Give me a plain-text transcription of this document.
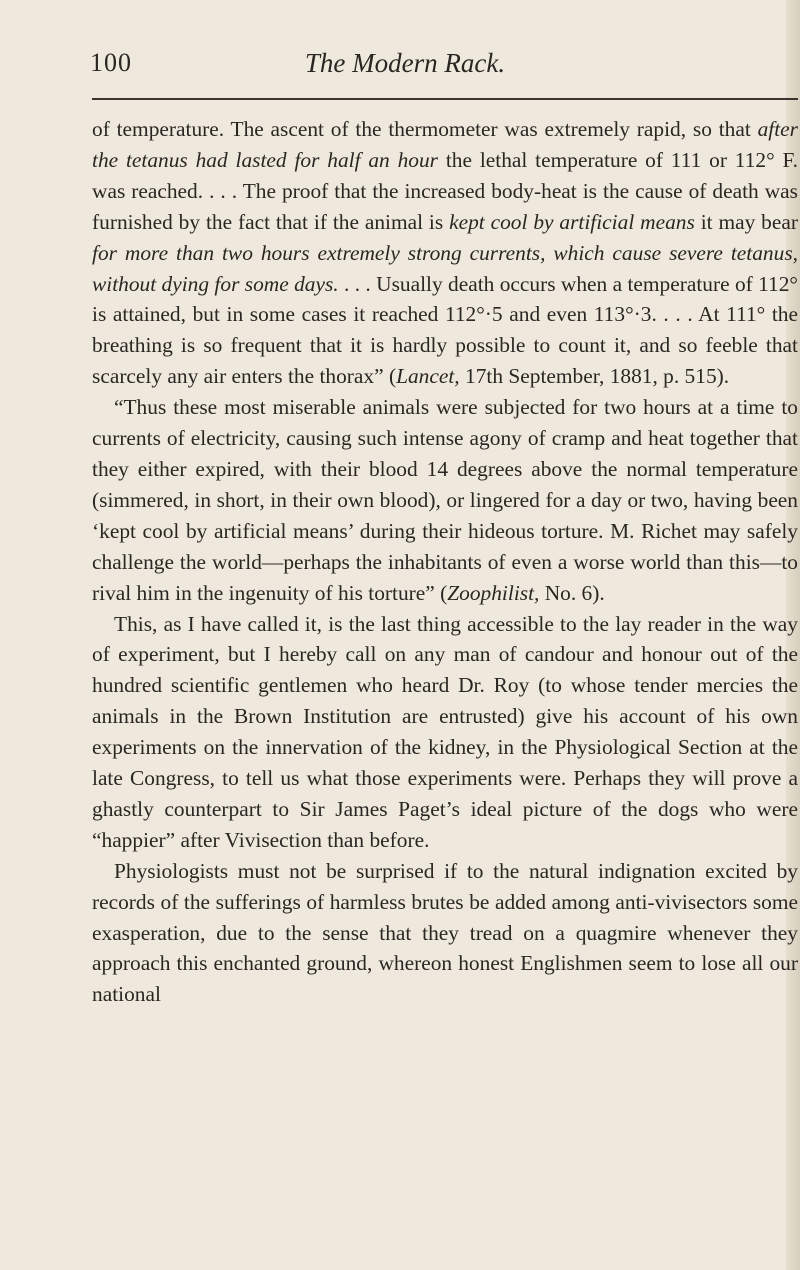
100	The Modern Rack.

of temperature. The ascent of the thermometer was extremely rapid, so that after the tetanus had lasted for half an hour the lethal temperature of 111 or 112° F. was reached. . . . The proof that the increased body-heat is the cause of death was furnished by the fact that if the animal is kept cool by artificial means it may bear for more than two hours extremely strong currents, which cause severe tetanus, without dying for some days. . . . Usually death occurs when a temperature of 112° is attained, but in some cases it reached 112°·5 and even 113°·3. . . . At 111° the breathing is so frequent that it is hardly possible to count it, and so feeble that scarcely any air enters the thorax” (Lancet, 17th September, 1881, p. 515).

“Thus these most miserable animals were subjected for two hours at a time to currents of electricity, causing such intense agony of cramp and heat together that they either expired, with their blood 14 degrees above the normal temperature (simmered, in short, in their own blood), or lingered for a day or two, having been ‘kept cool by artificial means’ during their hideous torture. M. Richet may safely challenge the world—perhaps the inhabitants of even a worse world than this—to rival him in the ingenuity of his torture” (Zoophilist, No. 6).

This, as I have called it, is the last thing accessible to the lay reader in the way of experiment, but I hereby call on any man of candour and honour out of the hundred scientific gentlemen who heard Dr. Roy (to whose tender mercies the animals in the Brown Institution are entrusted) give his account of his own experiments on the innervation of the kidney, in the Physiological Section at the late Congress, to tell us what those experiments were. Perhaps they will prove a ghastly counterpart to Sir James Paget’s ideal picture of the dogs who were “happier” after Vivisection than before.

Physiologists must not be surprised if to the natural indignation excited by records of the sufferings of harmless brutes be added among anti-vivisectors some exasperation, due to the sense that they tread on a quagmire whenever they approach this enchanted ground, whereon honest Englishmen seem to lose all our national
